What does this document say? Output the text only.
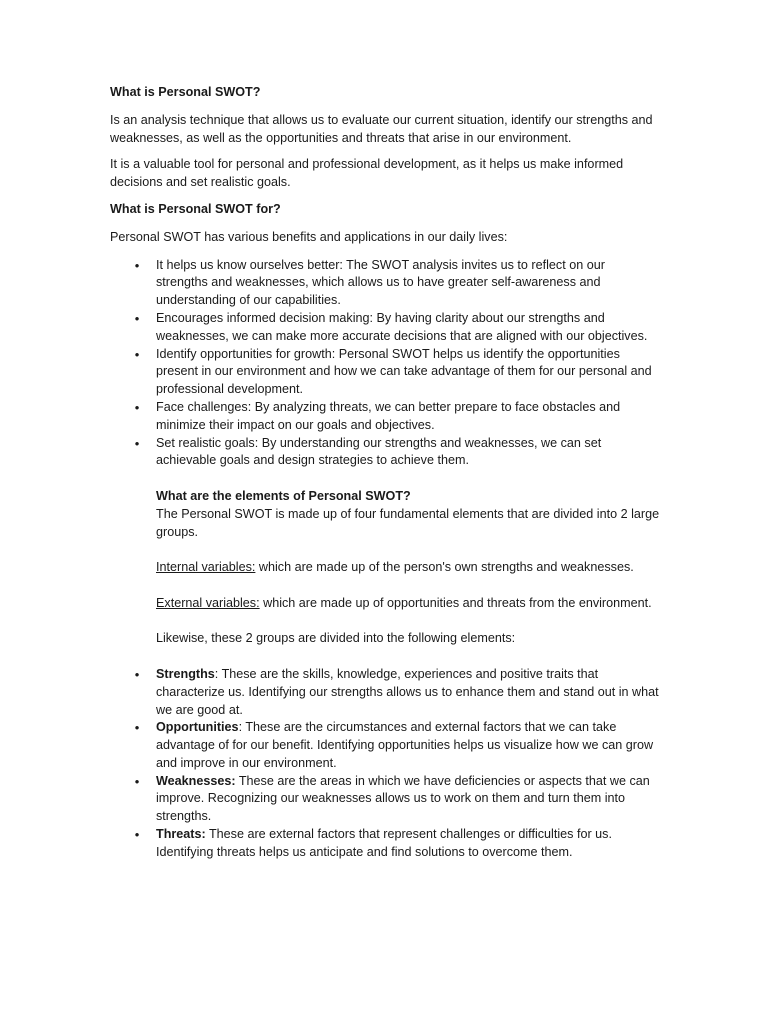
What is Personal SWOT?

Is an analysis technique that allows us to evaluate our current situation, identify our strengths and weaknesses, as well as the opportunities and threats that arise in our environment.

It is a valuable tool for personal and professional development, as it helps us make informed decisions and set realistic goals.

What is Personal SWOT for?

Personal SWOT has various benefits and applications in our daily lives:

• It helps us know ourselves better: The SWOT analysis invites us to reflect on our strengths and weaknesses, which allows us to have greater self-awareness and understanding of our capabilities.
• Encourages informed decision making: By having clarity about our strengths and weaknesses, we can make more accurate decisions that are aligned with our objectives.
• Identify opportunities for growth: Personal SWOT helps us identify the opportunities present in our environment and how we can take advantage of them for our personal and professional development.
• Face challenges: By analyzing threats, we can better prepare to face obstacles and minimize their impact on our goals and objectives.
• Set realistic goals: By understanding our strengths and weaknesses, we can set achievable goals and design strategies to achieve them.

What are the elements of Personal SWOT?

The Personal SWOT is made up of four fundamental elements that are divided into 2 large groups.

Internal variables: which are made up of the person's own strengths and weaknesses.

External variables: which are made up of opportunities and threats from the environment.

Likewise, these 2 groups are divided into the following elements:

• Strengths: These are the skills, knowledge, experiences and positive traits that characterize us. Identifying our strengths allows us to enhance them and stand out in what we are good at.
• Opportunities: These are the circumstances and external factors that we can take advantage of for our benefit. Identifying opportunities helps us visualize how we can grow and improve in our environment.
• Weaknesses: These are the areas in which we have deficiencies or aspects that we can improve. Recognizing our weaknesses allows us to work on them and turn them into strengths.
• Threats: These are external factors that represent challenges or difficulties for us. Identifying threats helps us anticipate and find solutions to overcome them.
